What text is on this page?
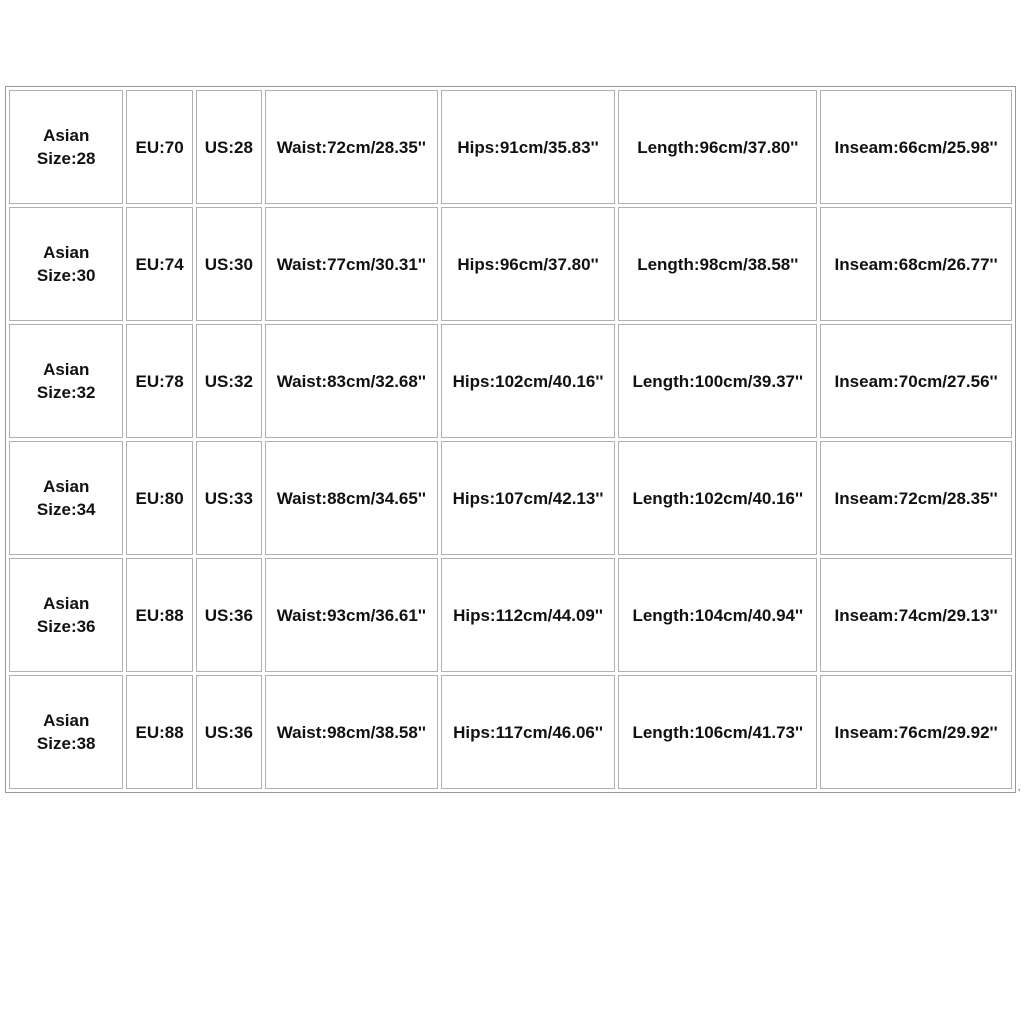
Asian
Size:28	EU:70	US:28	Waist:72cm/28.35''	Hips:91cm/35.83''	Length:96cm/37.80''	Inseam:66cm/25.98''

Asian
Size:30	EU:74	US:30	Waist:77cm/30.31''	Hips:96cm/37.80''	Length:98cm/38.58''	Inseam:68cm/26.77''

Asian
Size:32	EU:78	US:32	Waist:83cm/32.68''	Hips:102cm/40.16''	Length:100cm/39.37''	Inseam:70cm/27.56''

Asian
Size:34	EU:80	US:33	Waist:88cm/34.65''	Hips:107cm/42.13''	Length:102cm/40.16''	Inseam:72cm/28.35''

Asian
Size:36	EU:88	US:36	Waist:93cm/36.61''	Hips:112cm/44.09''	Length:104cm/40.94''	Inseam:74cm/29.13''

Asian
Size:38	EU:88	US:36	Waist:98cm/38.58''	Hips:117cm/46.06''	Length:106cm/41.73''	Inseam:76cm/29.92''
’
